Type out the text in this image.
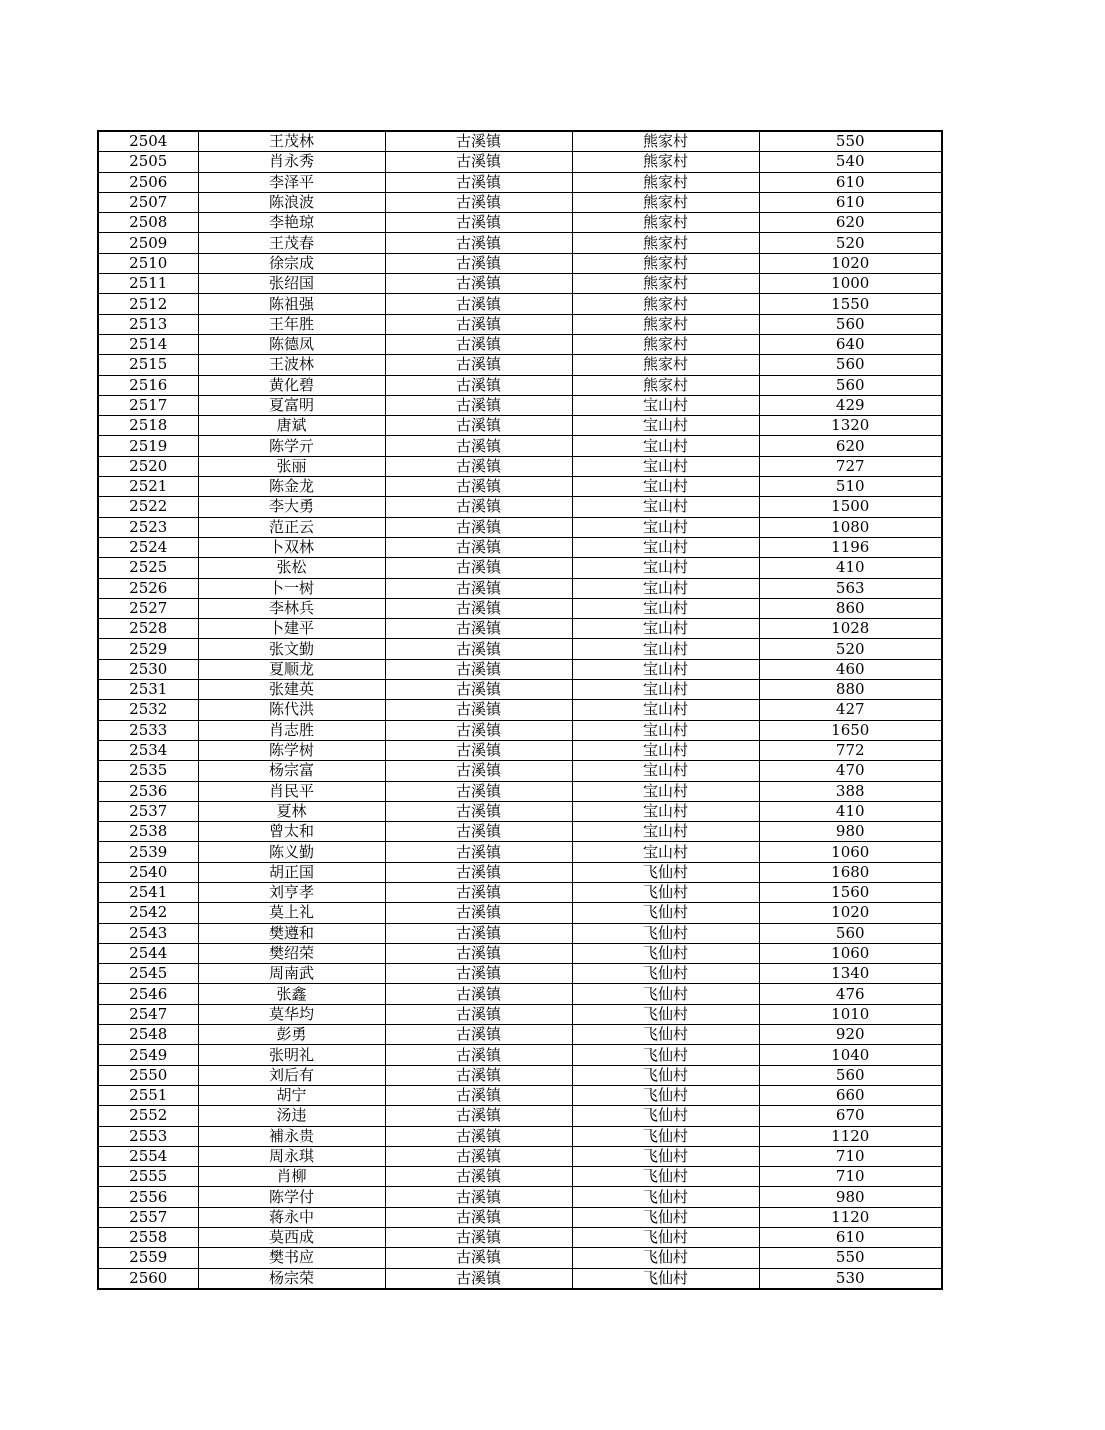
2504	王茂林	古溪镇	熊家村	550
2505	肖永秀	古溪镇	熊家村	540
2506	李泽平	古溪镇	熊家村	610
2507	陈浪波	古溪镇	熊家村	610
2508	李艳琼	古溪镇	熊家村	620
2509	王茂春	古溪镇	熊家村	520
2510	徐宗成	古溪镇	熊家村	1020
2511	张绍国	古溪镇	熊家村	1000
2512	陈祖强	古溪镇	熊家村	1550
2513	王年胜	古溪镇	熊家村	560
2514	陈德凤	古溪镇	熊家村	640
2515	王波林	古溪镇	熊家村	560
2516	黄化碧	古溪镇	熊家村	560
2517	夏富明	古溪镇	宝山村	429
2518	唐斌	古溪镇	宝山村	1320
2519	陈学亓	古溪镇	宝山村	620
2520	张丽	古溪镇	宝山村	727
2521	陈金龙	古溪镇	宝山村	510
2522	李大勇	古溪镇	宝山村	1500
2523	范正云	古溪镇	宝山村	1080
2524	卜双林	古溪镇	宝山村	1196
2525	张松	古溪镇	宝山村	410
2526	卜一树	古溪镇	宝山村	563
2527	李林兵	古溪镇	宝山村	860
2528	卜建平	古溪镇	宝山村	1028
2529	张文勤	古溪镇	宝山村	520
2530	夏顺龙	古溪镇	宝山村	460
2531	张建英	古溪镇	宝山村	880
2532	陈代洪	古溪镇	宝山村	427
2533	肖志胜	古溪镇	宝山村	1650
2534	陈学树	古溪镇	宝山村	772
2535	杨宗富	古溪镇	宝山村	470
2536	肖民平	古溪镇	宝山村	388
2537	夏林	古溪镇	宝山村	410
2538	曾太和	古溪镇	宝山村	980
2539	陈义勤	古溪镇	宝山村	1060
2540	胡正国	古溪镇	飞仙村	1680
2541	刘亨孝	古溪镇	飞仙村	1560
2542	莫上礼	古溪镇	飞仙村	1020
2543	樊遵和	古溪镇	飞仙村	560
2544	樊绍荣	古溪镇	飞仙村	1060
2545	周南武	古溪镇	飞仙村	1340
2546	张鑫	古溪镇	飞仙村	476
2547	莫华均	古溪镇	飞仙村	1010
2548	彭勇	古溪镇	飞仙村	920
2549	张明礼	古溪镇	飞仙村	1040
2550	刘后有	古溪镇	飞仙村	560
2551	胡宁	古溪镇	飞仙村	660
2552	汤违	古溪镇	飞仙村	670
2553	補永贵	古溪镇	飞仙村	1120
2554	周永琪	古溪镇	飞仙村	710
2555	肖柳	古溪镇	飞仙村	710
2556	陈学付	古溪镇	飞仙村	980
2557	蒋永中	古溪镇	飞仙村	1120
2558	莫西成	古溪镇	飞仙村	610
2559	樊书应	古溪镇	飞仙村	550
2560	杨宗荣	古溪镇	飞仙村	530
